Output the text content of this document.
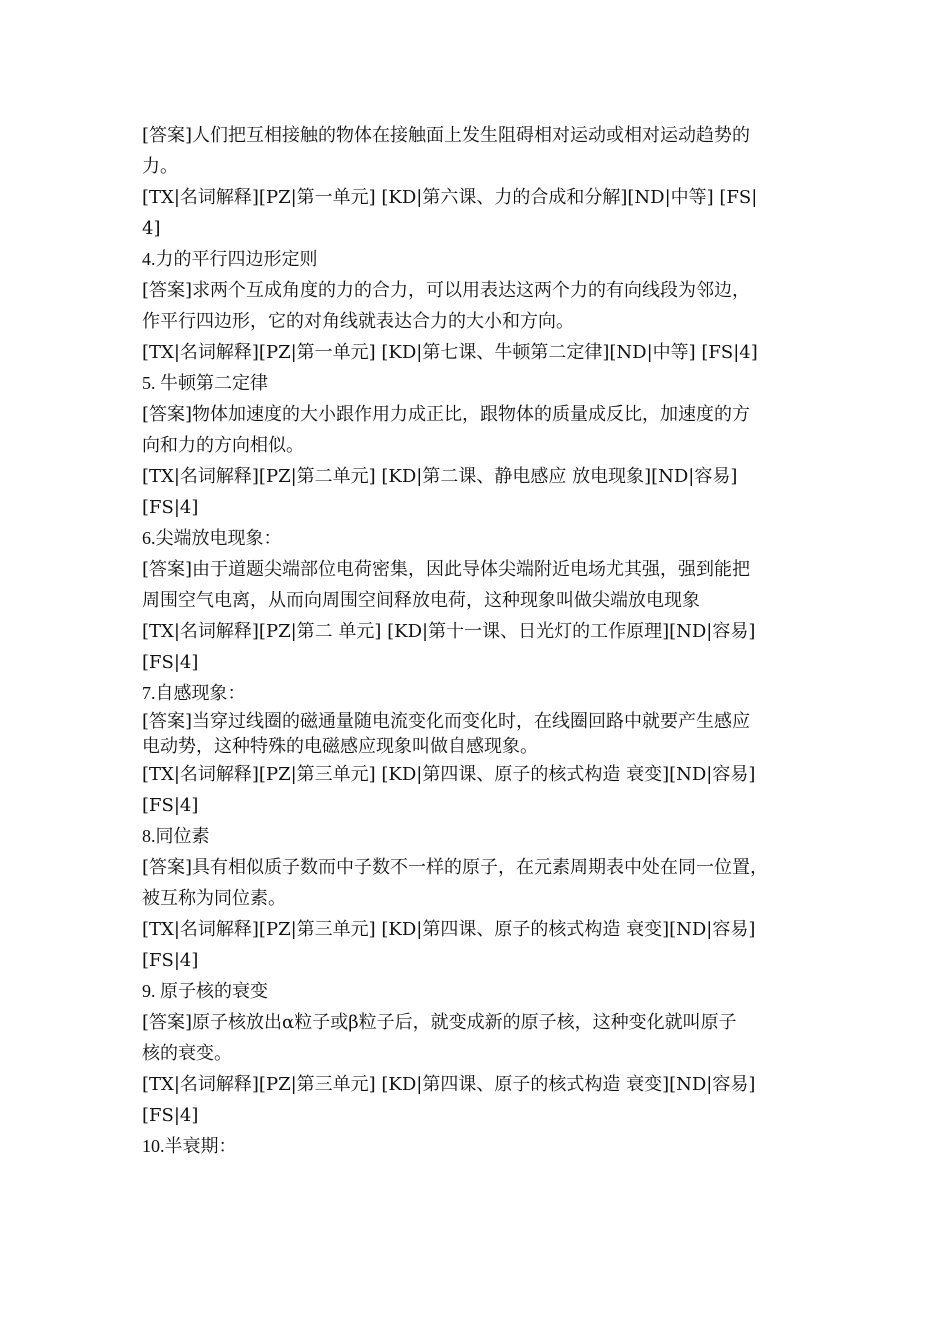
[答案]人们把互相接触的物体在接触面上发生阻碍相对运动或相对运动趋势的
力。
[TX|名词解释][PZ|第一单元] [KD|第六课、力的合成和分解][ND|中等] [FS|
4]
4.力的平行四边形定则
[答案]求两个互成角度的力的合力，可以用表达这两个力的有向线段为邻边，
作平行四边形，它的对角线就表达合力的大小和方向。
[TX|名词解释][PZ|第一单元] [KD|第七课、牛顿第二定律][ND|中等] [FS|4]
5. 牛顿第二定律
[答案]物体加速度的大小跟作用力成正比，跟物体的质量成反比，加速度的方
向和力的方向相似。
[TX|名词解释][PZ|第二单元] [KD|第二课、静电感应 放电现象][ND|容易]
[FS|4]
6.尖端放电现象：
[答案]由于道题尖端部位电荷密集，因此导体尖端附近电场尤其强，强到能把
周围空气电离，从而向周围空间释放电荷，这种现象叫做尖端放电现象
[TX|名词解释][PZ|第二 单元] [KD|第十一课、日光灯的工作原理][ND|容易]
[FS|4]
7.自感现象：
[答案]当穿过线圈的磁通量随电流变化而变化时，在线圈回路中就要产生感应
电动势，这种特殊的电磁感应现象叫做自感现象。
[TX|名词解释][PZ|第三单元] [KD|第四课、原子的核式构造 衰变][ND|容易]
[FS|4]
8.同位素
[答案]具有相似质子数而中子数不一样的原子，在元素周期表中处在同一位置，
被互称为同位素。
[TX|名词解释][PZ|第三单元] [KD|第四课、原子的核式构造 衰变][ND|容易]
[FS|4]
9. 原子核的衰变
[答案]原子核放出α粒子或β粒子后，就变成新的原子核，这种变化就叫原子
核的衰变。
[TX|名词解释][PZ|第三单元] [KD|第四课、原子的核式构造 衰变][ND|容易]
[FS|4]
10.半衰期：
